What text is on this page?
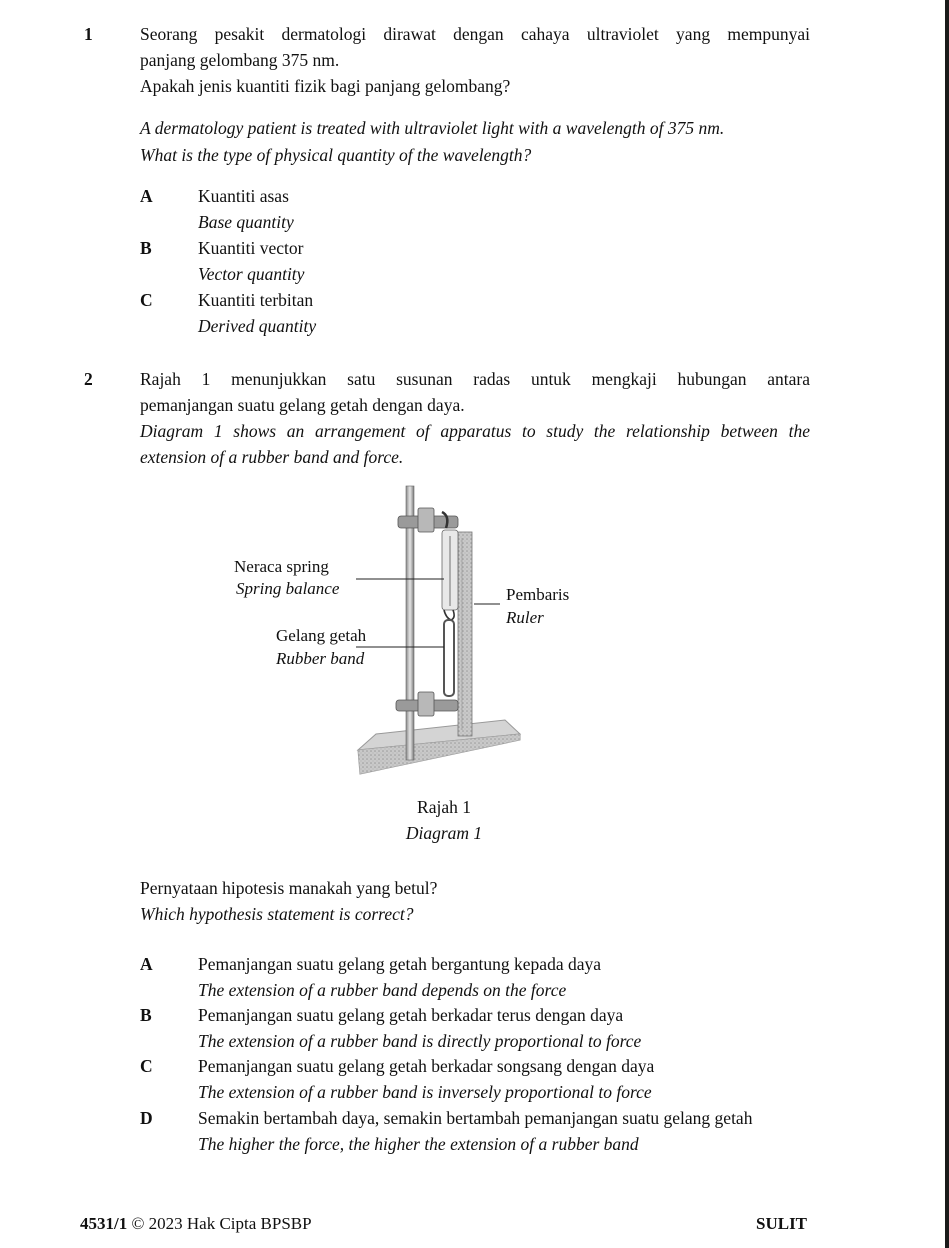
1	Seorang pesakit dermatologi dirawat dengan cahaya ultraviolet yang mempunyai
panjang gelombang 375 nm.
Apakah jenis kuantiti fizik bagi panjang gelombang?
A dermatology patient is treated with ultraviolet light with a wavelength of 375 nm.
What is the type of physical quantity of the wavelength?
A	Kuantiti asas
Base quantity
B	Kuantiti vector
Vector quantity
C	Kuantiti terbitan
Derived quantity
2	Rajah 1 menunjukkan satu susunan radas untuk mengkaji hubungan antara
pemanjangan suatu gelang getah dengan daya.
Diagram 1 shows an arrangement of apparatus to study the relationship between the
extension of a rubber band and force.
Neraca spring
Spring balance	Pembaris
Ruler
Gelang getah
Rubber band
Rajah 1
Diagram 1
Pernyataan hipotesis manakah yang betul?
Which hypothesis statement is correct?
A	Pemanjangan suatu gelang getah bergantung kepada daya
The extension of a rubber band depends on the force
B	Pemanjangan suatu gelang getah berkadar terus dengan daya
The extension of a rubber band is directly proportional to force
C	Pemanjangan suatu gelang getah berkadar songsang dengan daya
The extension of a rubber band is inversely proportional to force
D	Semakin bertambah daya, semakin bertambah pemanjangan suatu gelang getah
The higher the force, the higher the extension of a rubber band
4531/1 © 2023 Hak Cipta BPSBP	SULIT
